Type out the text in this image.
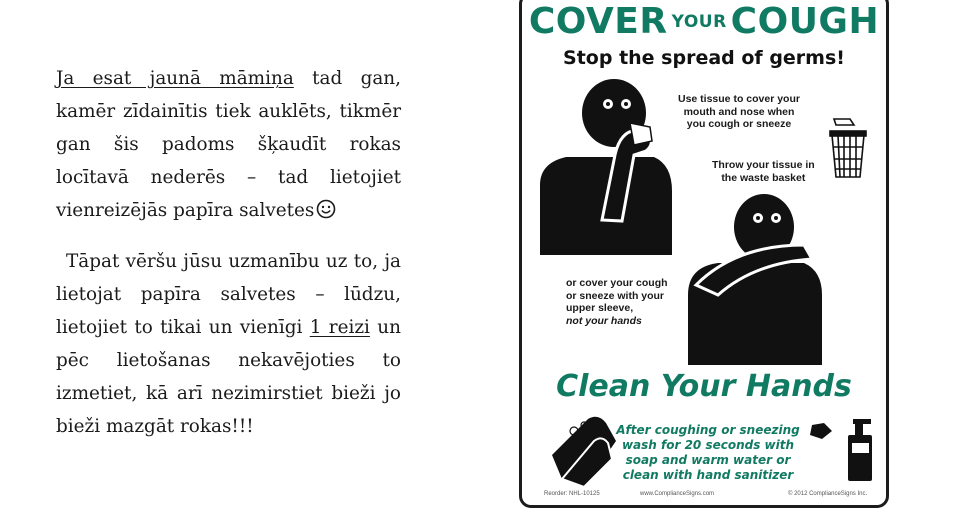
Ja esat jaunā māmiņa tad gan, kamēr zīdainītis tiek auklēts, tikmēr gan šis padoms šķaudīt rokas locītavā nederēs – tad lietojiet vienreizējās papīra salvetes

Tāpat vēršu jūsu uzmanību uz to, ja lietojat papīra salvetes – lūdzu, lietojiet to tikai un vienīgi 1 reizi un pēc lietošanas nekavējoties to izmetiet, kā arī nezimirstiet bieži jo bieži mazgāt rokas!!!

COVER YOUR COUGH
Stop the spread of germs!
Use tissue to cover your
mouth and nose when
you cough or sneeze
Throw your tissue in
the waste basket
or cover your cough
or sneeze with your
upper sleeve,
not your hands
Clean Your Hands
After coughing or sneezing
wash for 20 seconds with
soap and warm water or
clean with hand sanitizer
Reorder: NHL-10125	www.ComplianceSigns.com	© 2012 ComplianceSigns Inc.
